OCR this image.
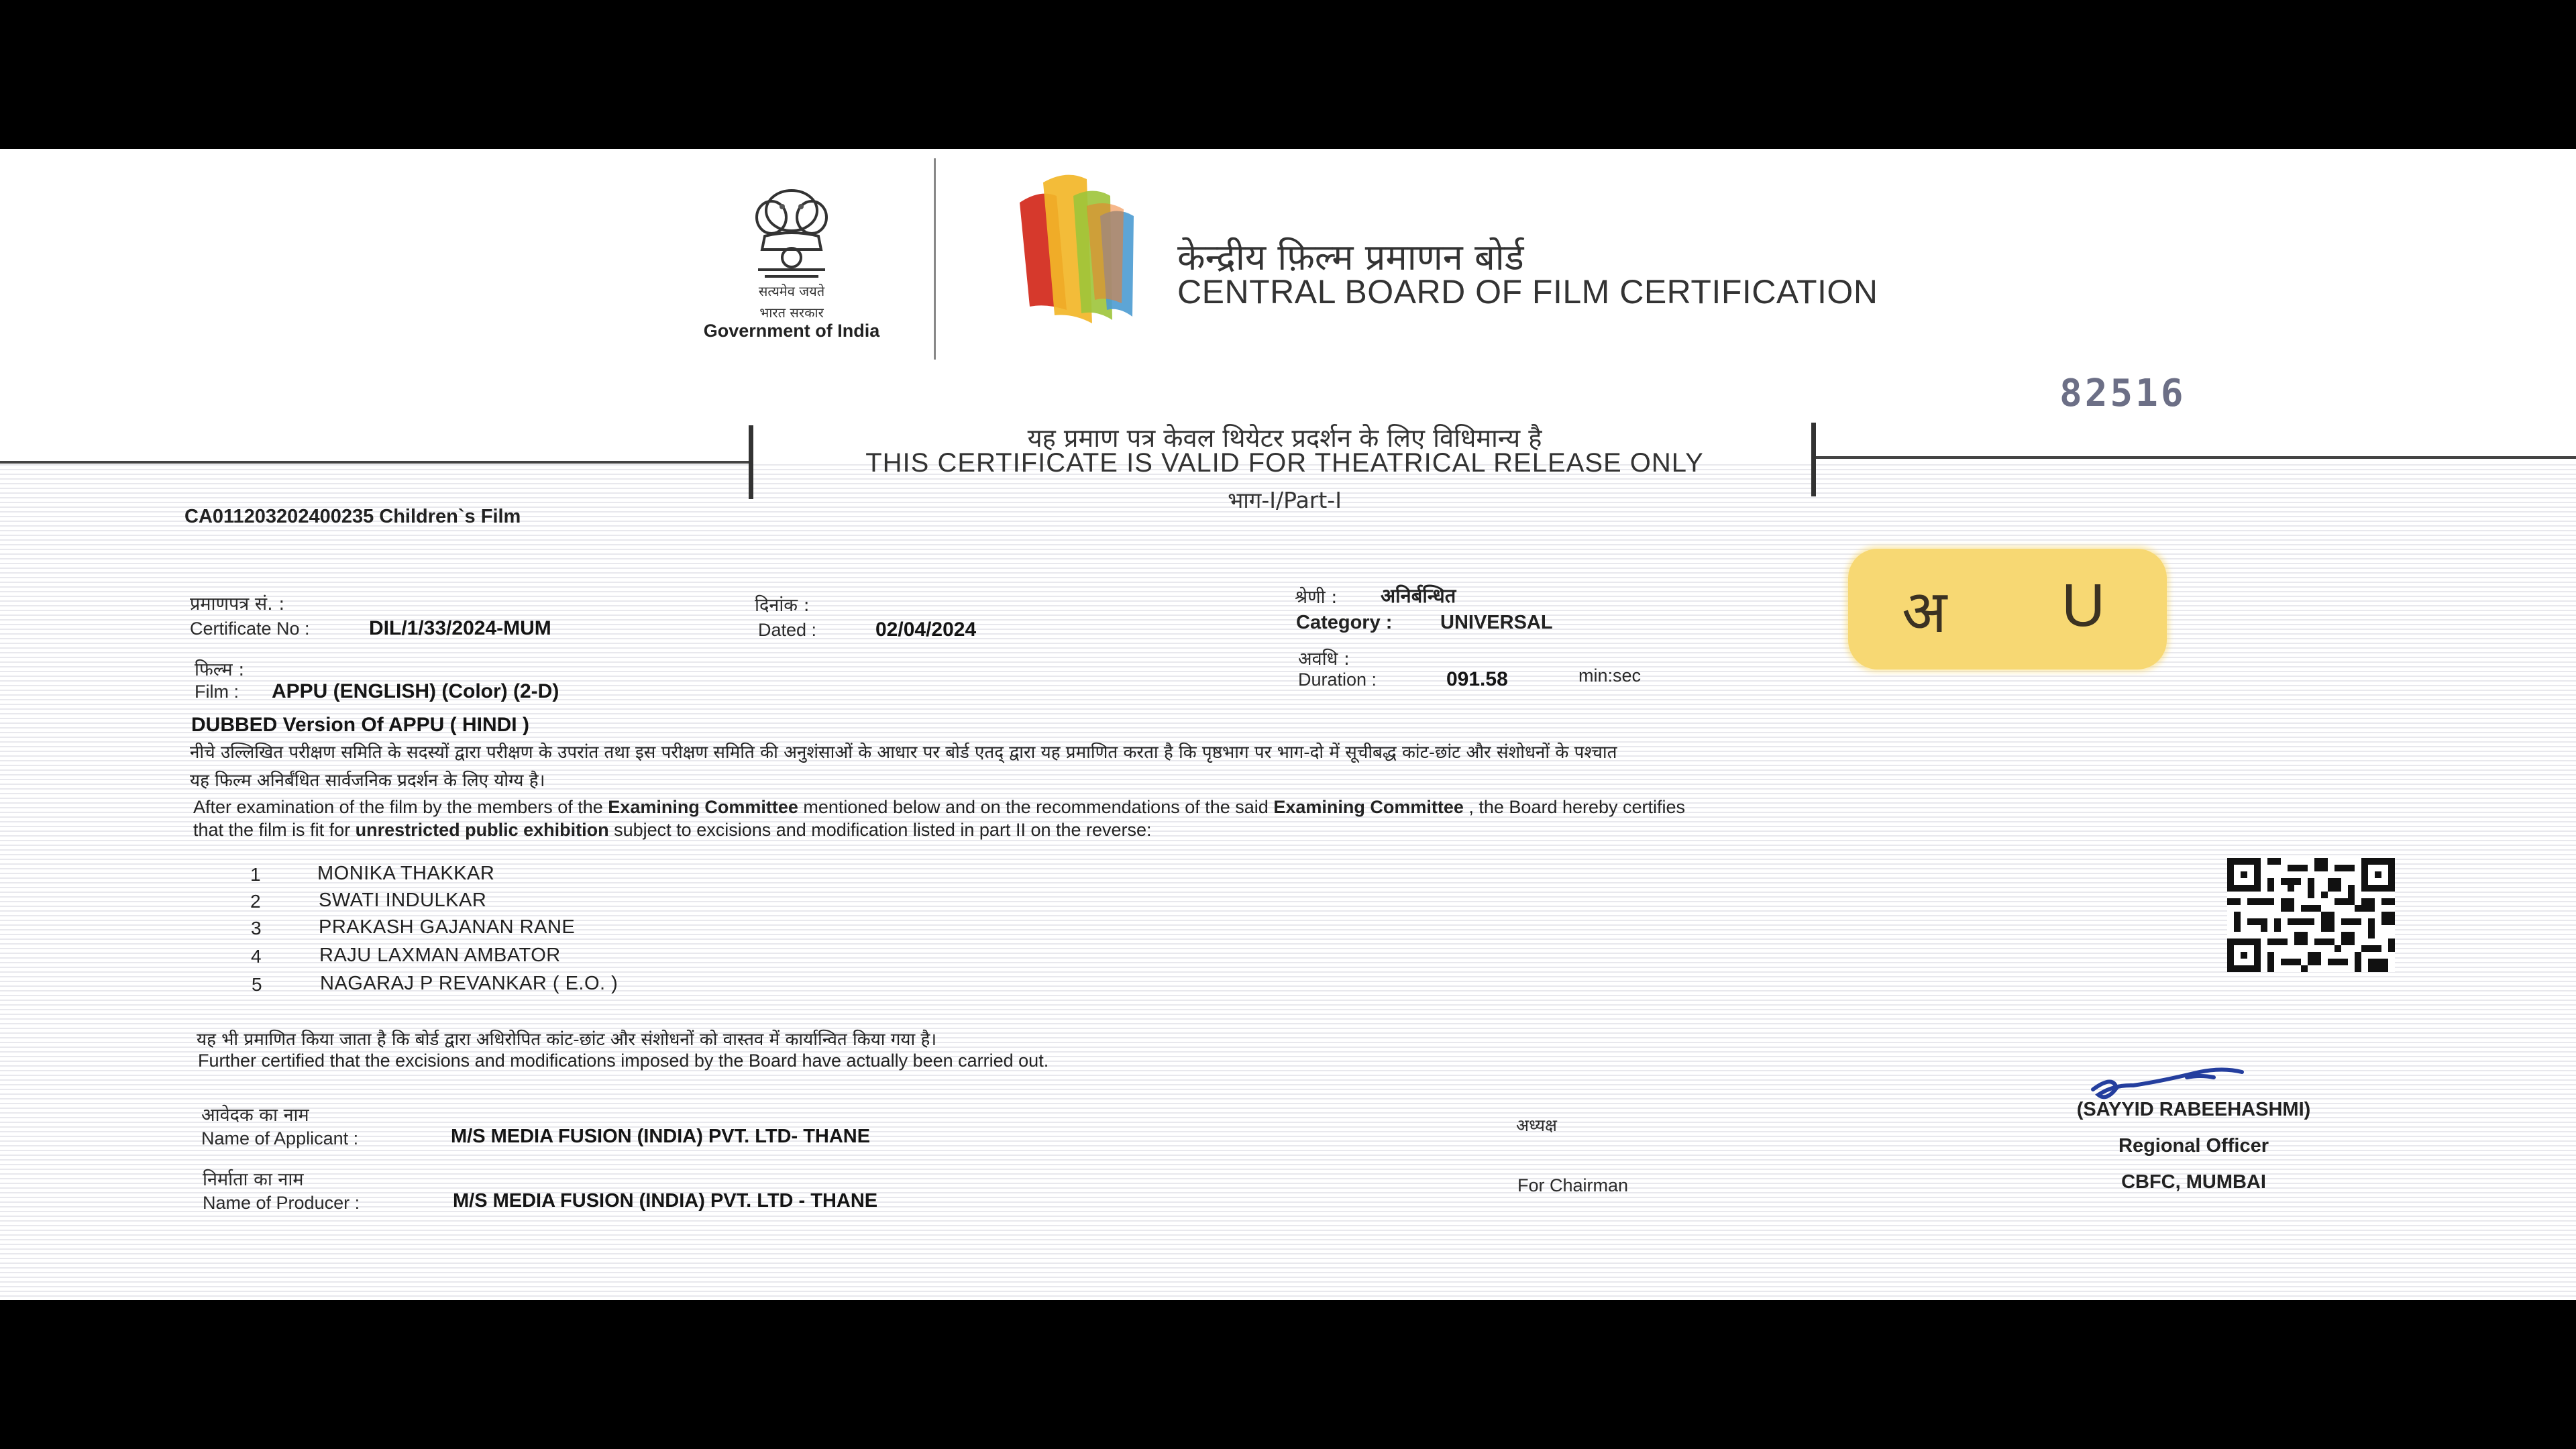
सत्यमेव जयते
भारत सरकार
Government of India
केन्द्रीय फ़िल्म प्रमाणन बोर्ड
CENTRAL BOARD OF FILM CERTIFICATION
82516
यह प्रमाण पत्र केवल थियेटर प्रदर्शन के लिए विधिमान्य है
THIS CERTIFICATE IS VALID FOR THEATRICAL RELEASE ONLY
भाग-I/Part-I
CA011203202400235 Children`s Film
प्रमाणपत्र सं. :
Certificate No :	DIL/1/33/2024-MUM
दिनांक :
Dated :	02/04/2024
श्रेणी : अनिर्बन्धित
Category : UNIVERSAL
अवधि :
Duration :	091.58	min:sec
अ U
फिल्म :
Film : APPU (ENGLISH) (Color) (2-D)
DUBBED Version Of APPU ( HINDI )
नीचे उल्लिखित परीक्षण समिति के सदस्यों द्वारा परीक्षण के उपरांत तथा इस परीक्षण समिति की अनुशंसाओं के आधार पर बोर्ड एतद् द्वारा यह प्रमाणित करता है कि पृष्ठभाग पर भाग-दो में सूचीबद्ध कांट-छांट और संशोधनों के पश्चात
यह फिल्म अनिर्बंधित सार्वजनिक प्रदर्शन के लिए योग्य है।
After examination of the film by the members of the Examining Committee mentioned below and on the recommendations of the said Examining Committee , the Board hereby certifies
that the film is fit for unrestricted public exhibition subject to excisions and modification listed in part II on the reverse:
1	MONIKA THAKKAR
2	SWATI INDULKAR
3	PRAKASH GAJANAN RANE
4	RAJU LAXMAN AMBATOR
5	NAGARAJ P REVANKAR ( E.O. )
यह भी प्रमाणित किया जाता है कि बोर्ड द्वारा अधिरोपित कांट-छांट और संशोधनों को वास्तव में कार्यान्वित किया गया है।
Further certified that the excisions and modifications imposed by the Board have actually been carried out.
आवेदक का नाम
Name of Applicant :	M/S MEDIA FUSION (INDIA) PVT. LTD- THANE
निर्माता का नाम
Name of Producer :	M/S MEDIA FUSION (INDIA) PVT. LTD - THANE
अध्यक्ष
For Chairman
(SAYYID RABEEHASHMI)
Regional Officer
CBFC, MUMBAI
